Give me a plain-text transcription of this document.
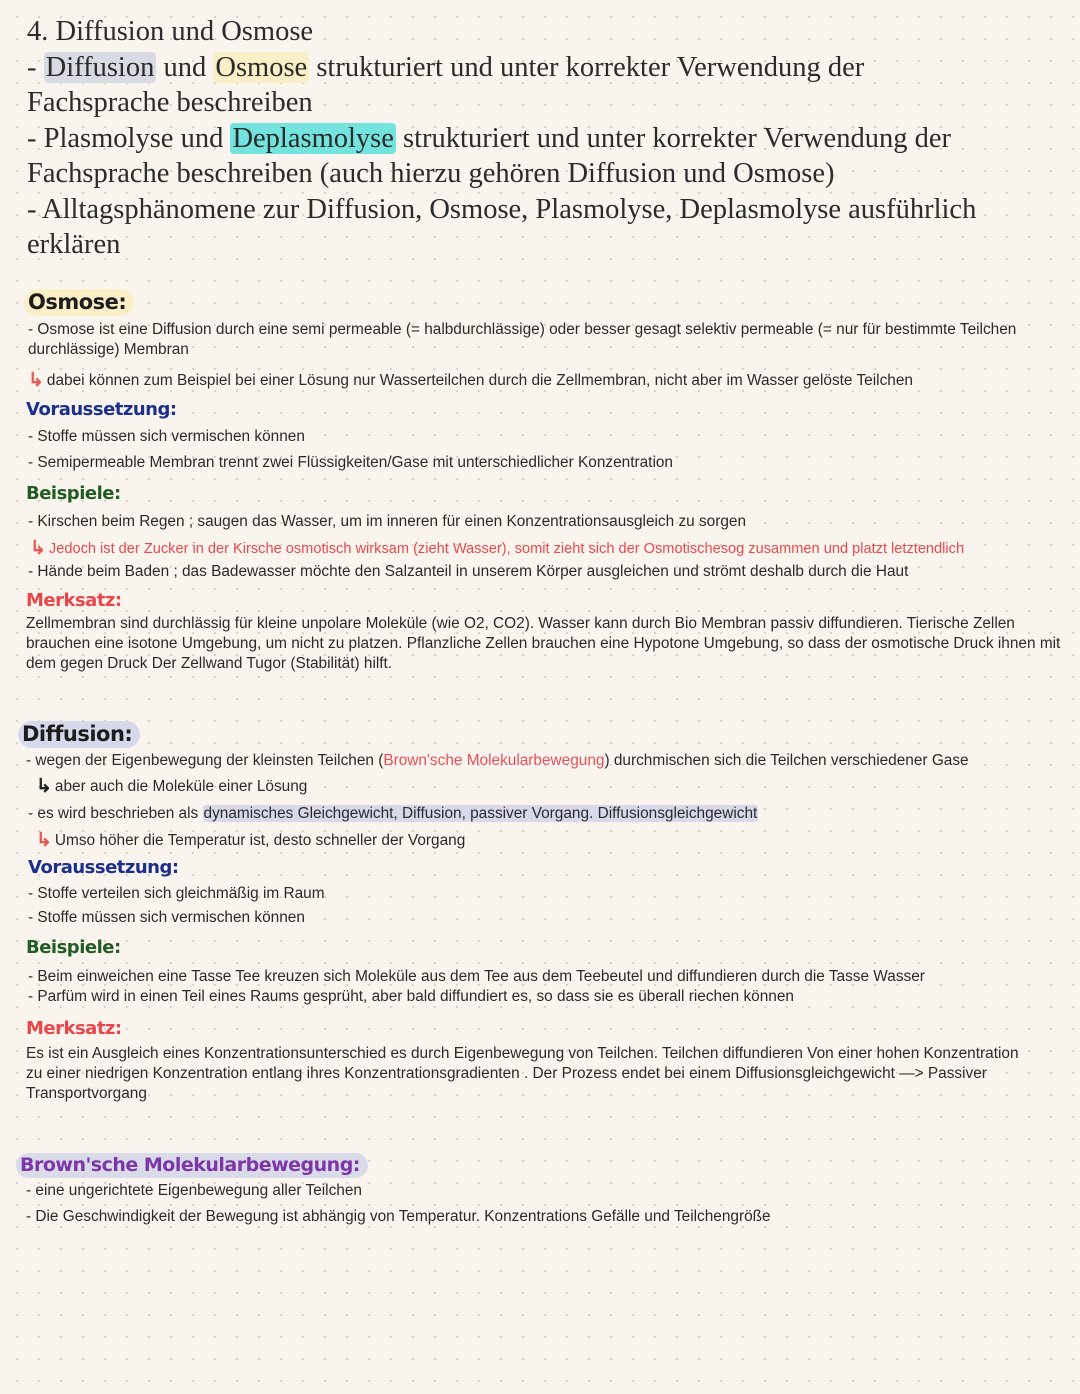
4. Diffusion und Osmose
- Diffusion und Osmose strukturiert und unter korrekter Verwendung der
Fachsprache beschreiben
- Plasmolyse und Deplasmolyse strukturiert und unter korrekter Verwendung der
Fachsprache beschreiben (auch hierzu gehören Diffusion und Osmose)
- Alltagsphänomene zur Diffusion, Osmose, Plasmolyse, Deplasmolyse ausführlich
erklären
Osmose:
- Osmose ist eine Diffusion durch eine semi permeable (= halbdurchlässige) oder besser gesagt selektiv permeable (= nur für bestimmte Teilchen durchlässige) Membran
↳ dabei können zum Beispiel bei einer Lösung nur Wasserteilchen durch die Zellmembran, nicht aber im Wasser gelöste Teilchen
Voraussetzung:
- Stoffe müssen sich vermischen können
- Semipermeable Membran trennt zwei Flüssigkeiten/Gase mit unterschiedlicher Konzentration
Beispiele:
- Kirschen beim Regen ; saugen das Wasser, um im inneren für einen Konzentrationsausgleich zu sorgen
↳ Jedoch ist der Zucker in der Kirsche osmotisch wirksam (zieht Wasser), somit zieht sich der Osmotischesog zusammen und platzt letztendlich
- Hände beim Baden ; das Badewasser möchte den Salzanteil in unserem Körper ausgleichen und strömt deshalb durch die Haut
Merksatz:
Zellmembran sind durchlässig für kleine unpolare Moleküle (wie O2, CO2). Wasser kann durch Bio Membran passiv diffundieren. Tierische Zellen brauchen eine isotone Umgebung, um nicht zu platzen. Pflanzliche Zellen brauchen eine Hypotone Umgebung, so dass der osmotische Druck ihnen mit dem gegen Druck Der Zellwand Tugor (Stabilität) hilft.
Diffusion:
- wegen der Eigenbewegung der kleinsten Teilchen (Brown'sche Molekularbewegung) durchmischen sich die Teilchen verschiedener Gase
↳ aber auch die Moleküle einer Lösung
- es wird beschrieben als dynamisches Gleichgewicht, Diffusion, passiver Vorgang. Diffusionsgleichgewicht
↳ Umso höher die Temperatur ist, desto schneller der Vorgang
Voraussetzung:
- Stoffe verteilen sich gleichmäßig im Raum
- Stoffe müssen sich vermischen können
Beispiele:
- Beim einweichen eine Tasse Tee kreuzen sich Moleküle aus dem Tee aus dem Teebeutel und diffundieren durch die Tasse Wasser
- Parfüm wird in einen Teil eines Raums gesprüht, aber bald diffundiert es, so dass sie es überall riechen können
Merksatz:
Es ist ein Ausgleich eines Konzentrationsunterschied es durch Eigenbewegung von Teilchen. Teilchen diffundieren Von einer hohen Konzentration zu einer niedrigen Konzentration entlang ihres Konzentrationsgradienten . Der Prozess endet bei einem Diffusionsgleichgewicht —> Passiver Transportvorgang
Brown'sche Molekularbewegung:
- eine ungerichtete Eigenbewegung aller Teilchen
- Die Geschwindigkeit der Bewegung ist abhängig von Temperatur. Konzentrations Gefälle und Teilchengröße
